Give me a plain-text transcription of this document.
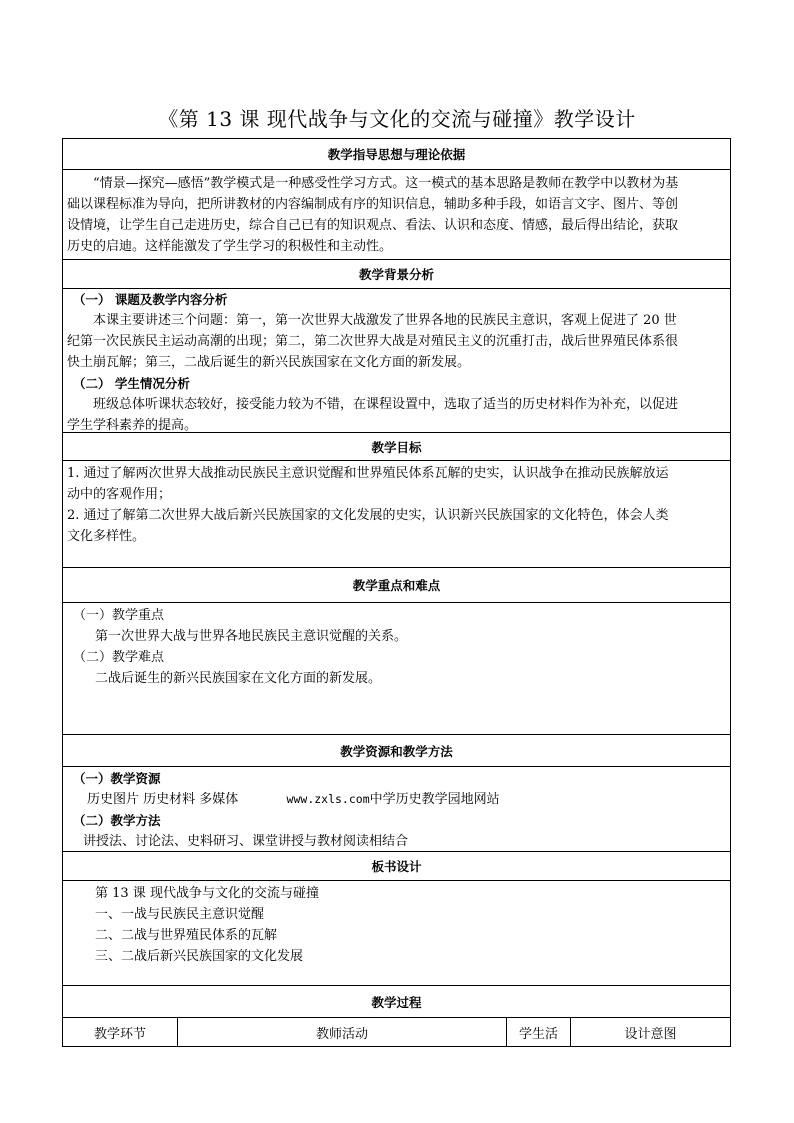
《第 13 课 现代战争与文化的交流与碰撞》教学设计
教学指导思想与理论依据

“情景—探究—感悟”教学模式是一种感受性学习方式。这一模式的基本思路是教师在教学中以教材为基

础以课程标准为导向，把所讲教材的内容编制成有序的知识信息，辅助多种手段，如语言文字、图片、等创

设情境，让学生自己走进历史，综合自己已有的知识观点、看法、认识和态度、情感，最后得出结论，获取

历史的启迪。这样能激发了学生学习的积极性和主动性。

教学背景分析

（一） 课题及教学内容分析

本课主要讲述三个问题：第一，第一次世界大战激发了世界各地的民族民主意识，客观上促进了 20 世

纪第一次民族民主运动高潮的出现；第二，第二次世界大战是对殖民主义的沉重打击，战后世界殖民体系很

快土崩瓦解；第三，二战后诞生的新兴民族国家在文化方面的新发展。

（二） 学生情况分析

班级总体听课状态较好，接受能力较为不错，在课程设置中，选取了适当的历史材料作为补充，以促进

学生学科素养的提高。

教学目标

1. 通过了解两次世界大战推动民族民主意识觉醒和世界殖民体系瓦解的史实，认识战争在推动民族解放运

动中的客观作用；

2. 通过了解第二次世界大战后新兴民族国家的文化发展的史实，认识新兴民族国家的文化特色，体会人类

文化多样性。

教学重点和难点

（一）教学重点

第一次世界大战与世界各地民族民主意识觉醒的关系。

（二）教学难点

二战后诞生的新兴民族国家在文化方面的新发展。

教学资源和教学方法

（一）教学资源

历史图片 历史材料 多媒体	www.zxls.com中学历史教学园地网站

（二）教学方法

讲授法、讨论法、史料研习、课堂讲授与教材阅读相结合

板书设计

第 13 课 现代战争与文化的交流与碰撞

一、一战与民族民主意识觉醒

二、二战与世界殖民体系的瓦解

三、二战后新兴民族国家的文化发展

教学过程
教学环节	教师活动	学生活	设计意图
